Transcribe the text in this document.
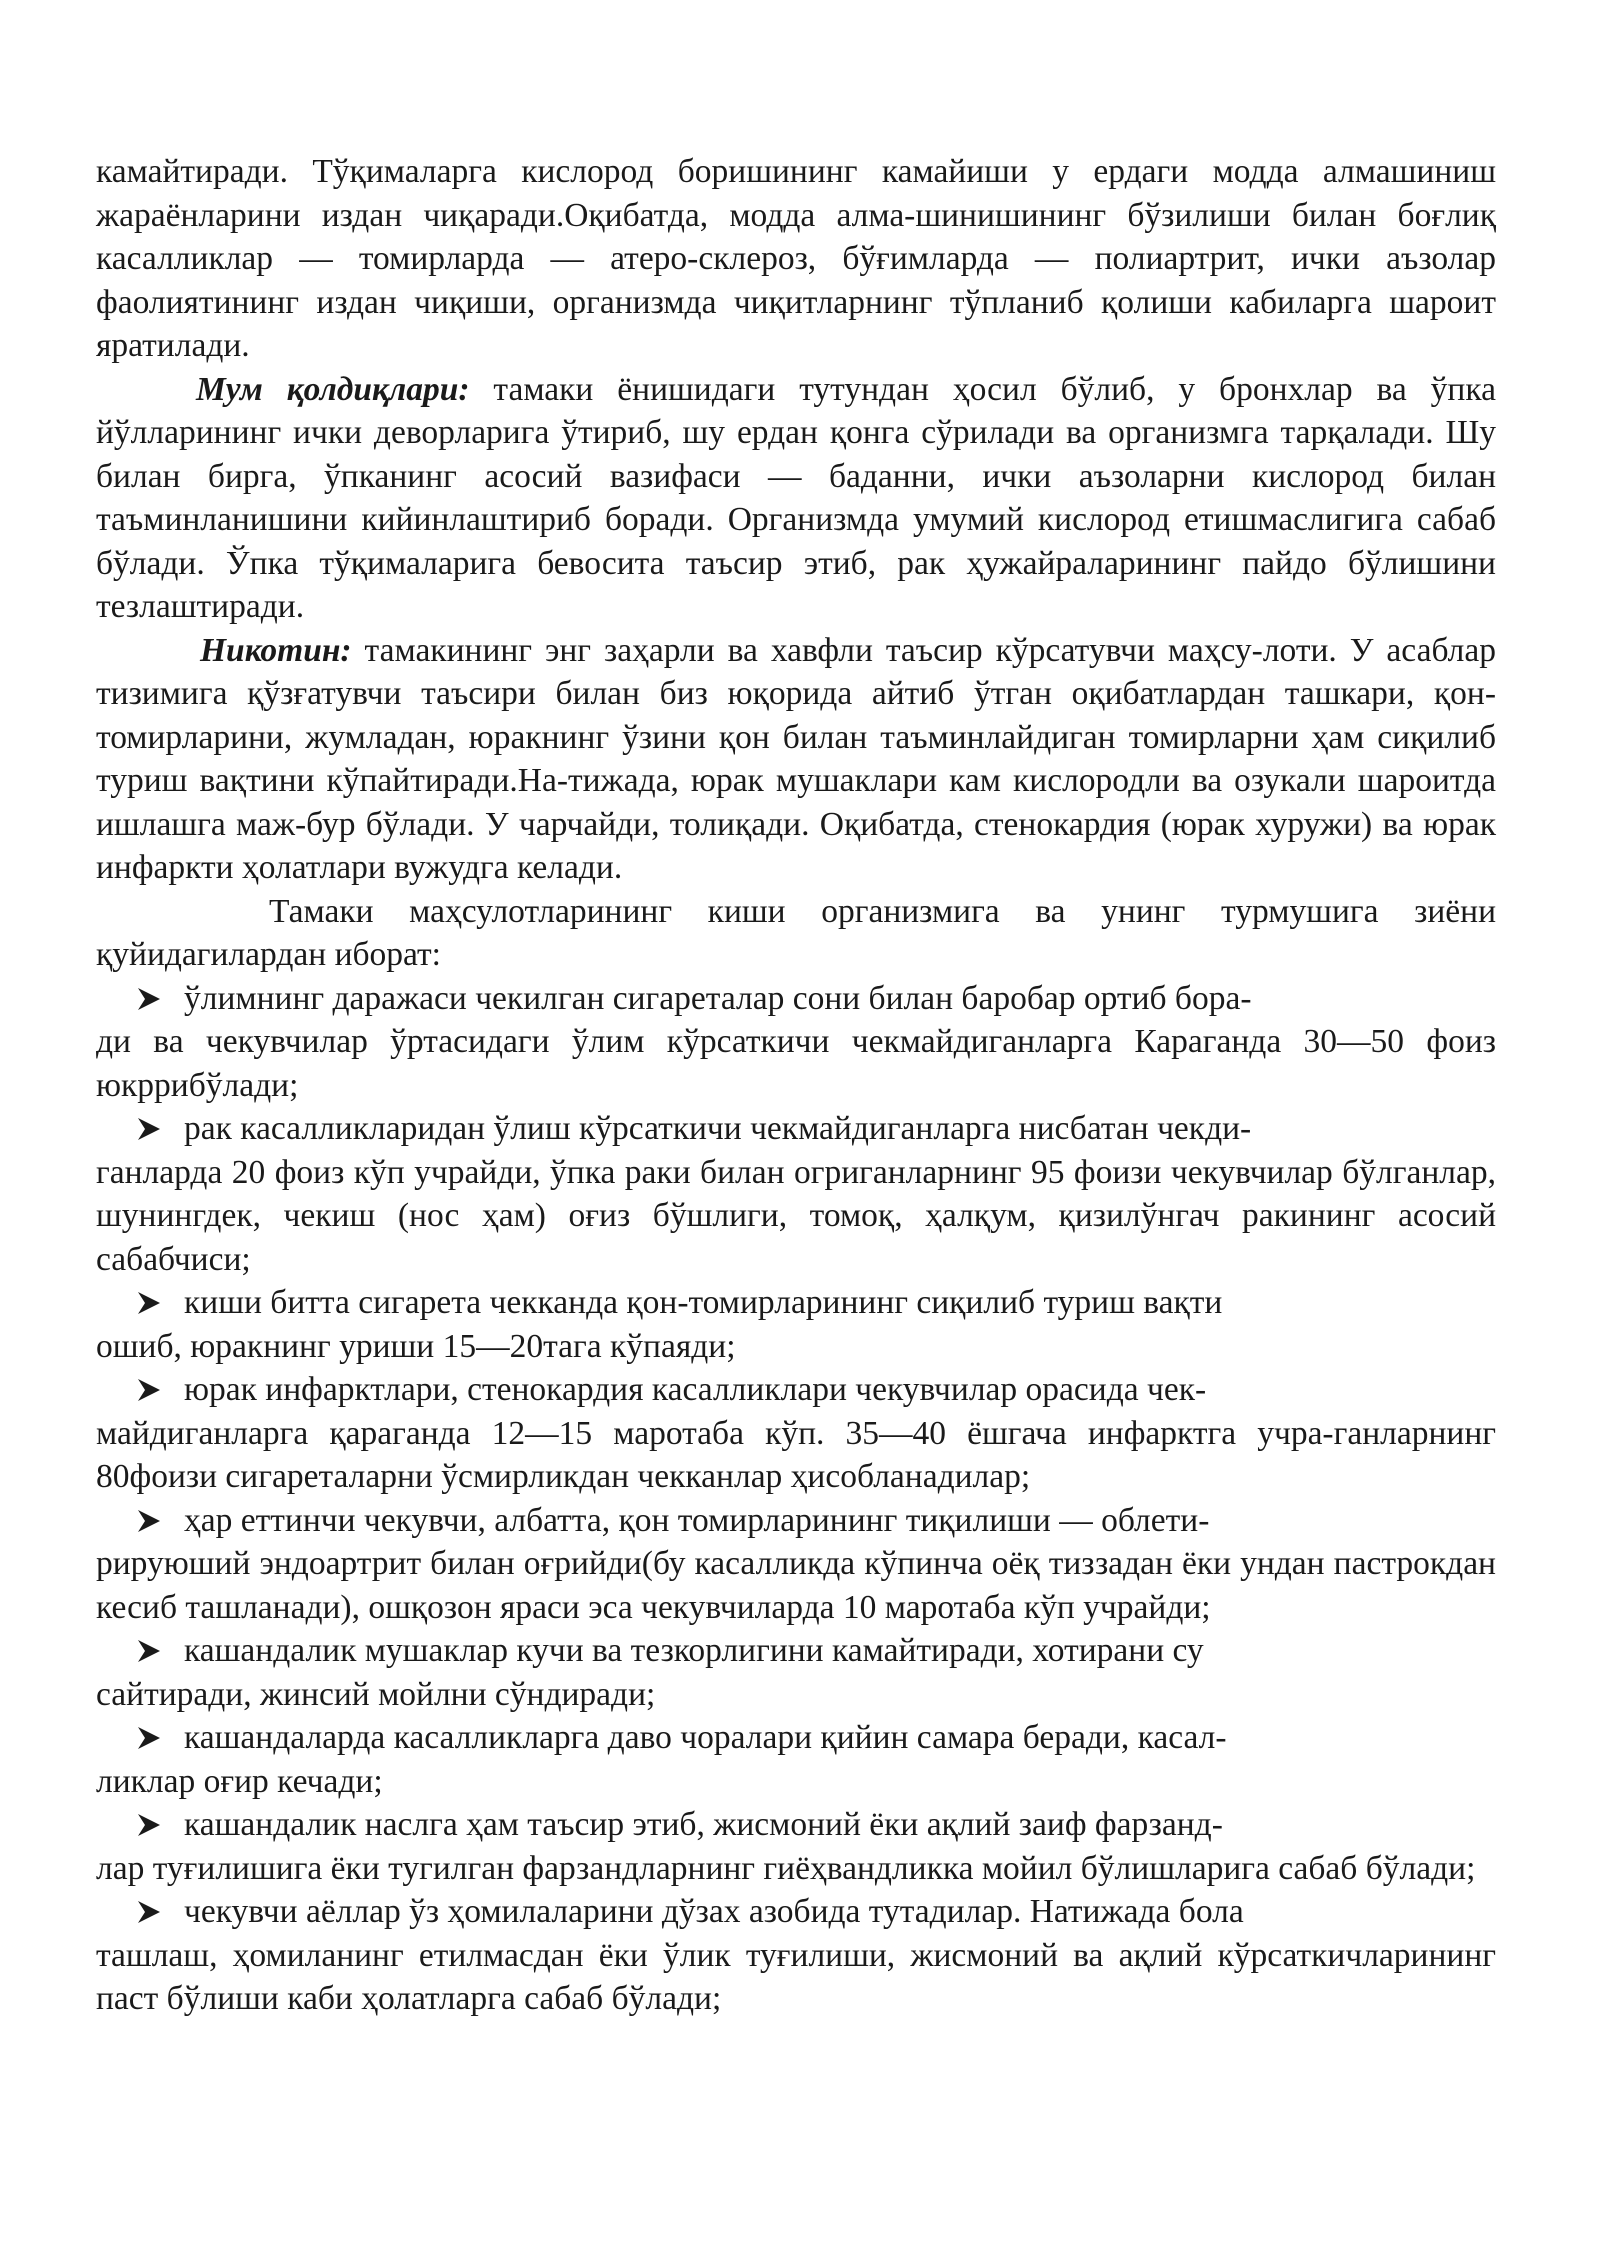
камайтиради. Тўқималарга кислород боришининг камайиши у ердаги модда алмашиниш жараёнларини издан чиқаради.Оқибатда, модда алма-шинишининг бўзилиши билан боғлиқ касалликлар — томирларда — атеро-склероз, бўғимларда — полиартрит, ички аъзолар фаолиятининг издан чиқиши, организмда чиқитларнинг тўпланиб қолиши кабиларга шароит яратилади.

Мум қолдиқлари: тамаки ёнишидаги тутундан ҳосил бўлиб, у бронхлар ва ўпка йўлларининг ички деворларига ўтириб, шу ердан қонга сўрилади ва организмга тарқалади. Шу билан бирга, ўпканинг асосий вазифаси — баданни, ички аъзоларни кислород билан таъминланишини кийинлаштириб боради. Организмда умумий кислород етишмаслигига сабаб бўлади. Ўпка тўқималарига бевосита таъсир этиб, рак ҳужайраларининг пайдо бўлишини тезлаштиради.

Никотин: тамакининг энг заҳарли ва хавфли таъсир кўрсатувчи маҳсу-лоти. У асаблар тизимига қўзғатувчи таъсири билан биз юқорида айтиб ўтган оқибатлардан ташкари, қон-томирларини, жумладан, юракнинг ўзини қон билан таъминлайдиган томирларни ҳам сиқилиб туриш вақтини кўпайтиради.На-тижада, юрак мушаклари кам кислородли ва озукали шароитда ишлашга маж-бур бўлади. У чарчайди, толиқади. Оқибатда, стенокардия (юрак хуружи) ва юрак инфаркти ҳолатлари вужудга келади.

Тамаки маҳсулотларининг киши организмига ва унинг турмушига зиёни қуйидагилардан иборат:

ўлимнинг даражаси чекилган сигареталар сони билан баробар ортиб бора-
ди ва чекувчилар ўртасидаги ўлим кўрсаткичи чекмайдиганларга Караганда 30—50 фоиз юкррибўлади;
рак касалликларидан ўлиш кўрсаткичи чекмайдиганларга нисбатан чекди-
ганларда 20 фоиз кўп учрайди, ўпка раки билан огриганларнинг 95 фоизи чекувчилар бўлганлар, шунингдек, чекиш (нос ҳам) оғиз бўшлиги, томоқ, ҳалқум, қизилўнгач ракининг асосий сабабчиси;
киши битта сигарета чекканда қон-томирларининг сиқилиб туриш вақти
ошиб, юракнинг уриши 15—20тага кўпаяди;
юрак инфарктлари, стенокардия касалликлари чекувчилар орасида чек-
майдиганларга қараганда 12—15 маротаба кўп. 35—40 ёшгача инфарктга учра-ганларнинг 80фоизи сигареталарни ўсмирликдан чекканлар ҳисобланадилар;
ҳар еттинчи чекувчи, албатта, қон томирларининг тиқилиши — облети-
рируюший эндоартрит билан оғрийди(бу касалликда кўпинча оёқ тиззадан ёки ундан пастрокдан кесиб ташланади), ошқозон яраси эса чекувчиларда 10 маротаба кўп учрайди;
кашандалик мушаклар кучи ва тезкорлигини камайтиради, хотирани су
сайтиради, жинсий мойлни сўндиради;
кашандаларда касалликларга даво чоралари қийин самара беради, касал-
ликлар оғир кечади;
кашандалик наслга ҳам таъсир этиб, жисмоний ёки ақлий заиф фарзанд-
лар туғилишига ёки тугилган фарзандларнинг гиёҳвандликка мойил бўлишларига сабаб бўлади;
чекувчи аёллар ўз ҳомилаларини дўзах азобида тутадилар. Натижада бола
ташлаш, ҳомиланинг етилмасдан ёки ўлик туғилиши, жисмоний ва ақлий кўрсаткичларининг паст бўлиши каби ҳолатларга сабаб бўлади;
